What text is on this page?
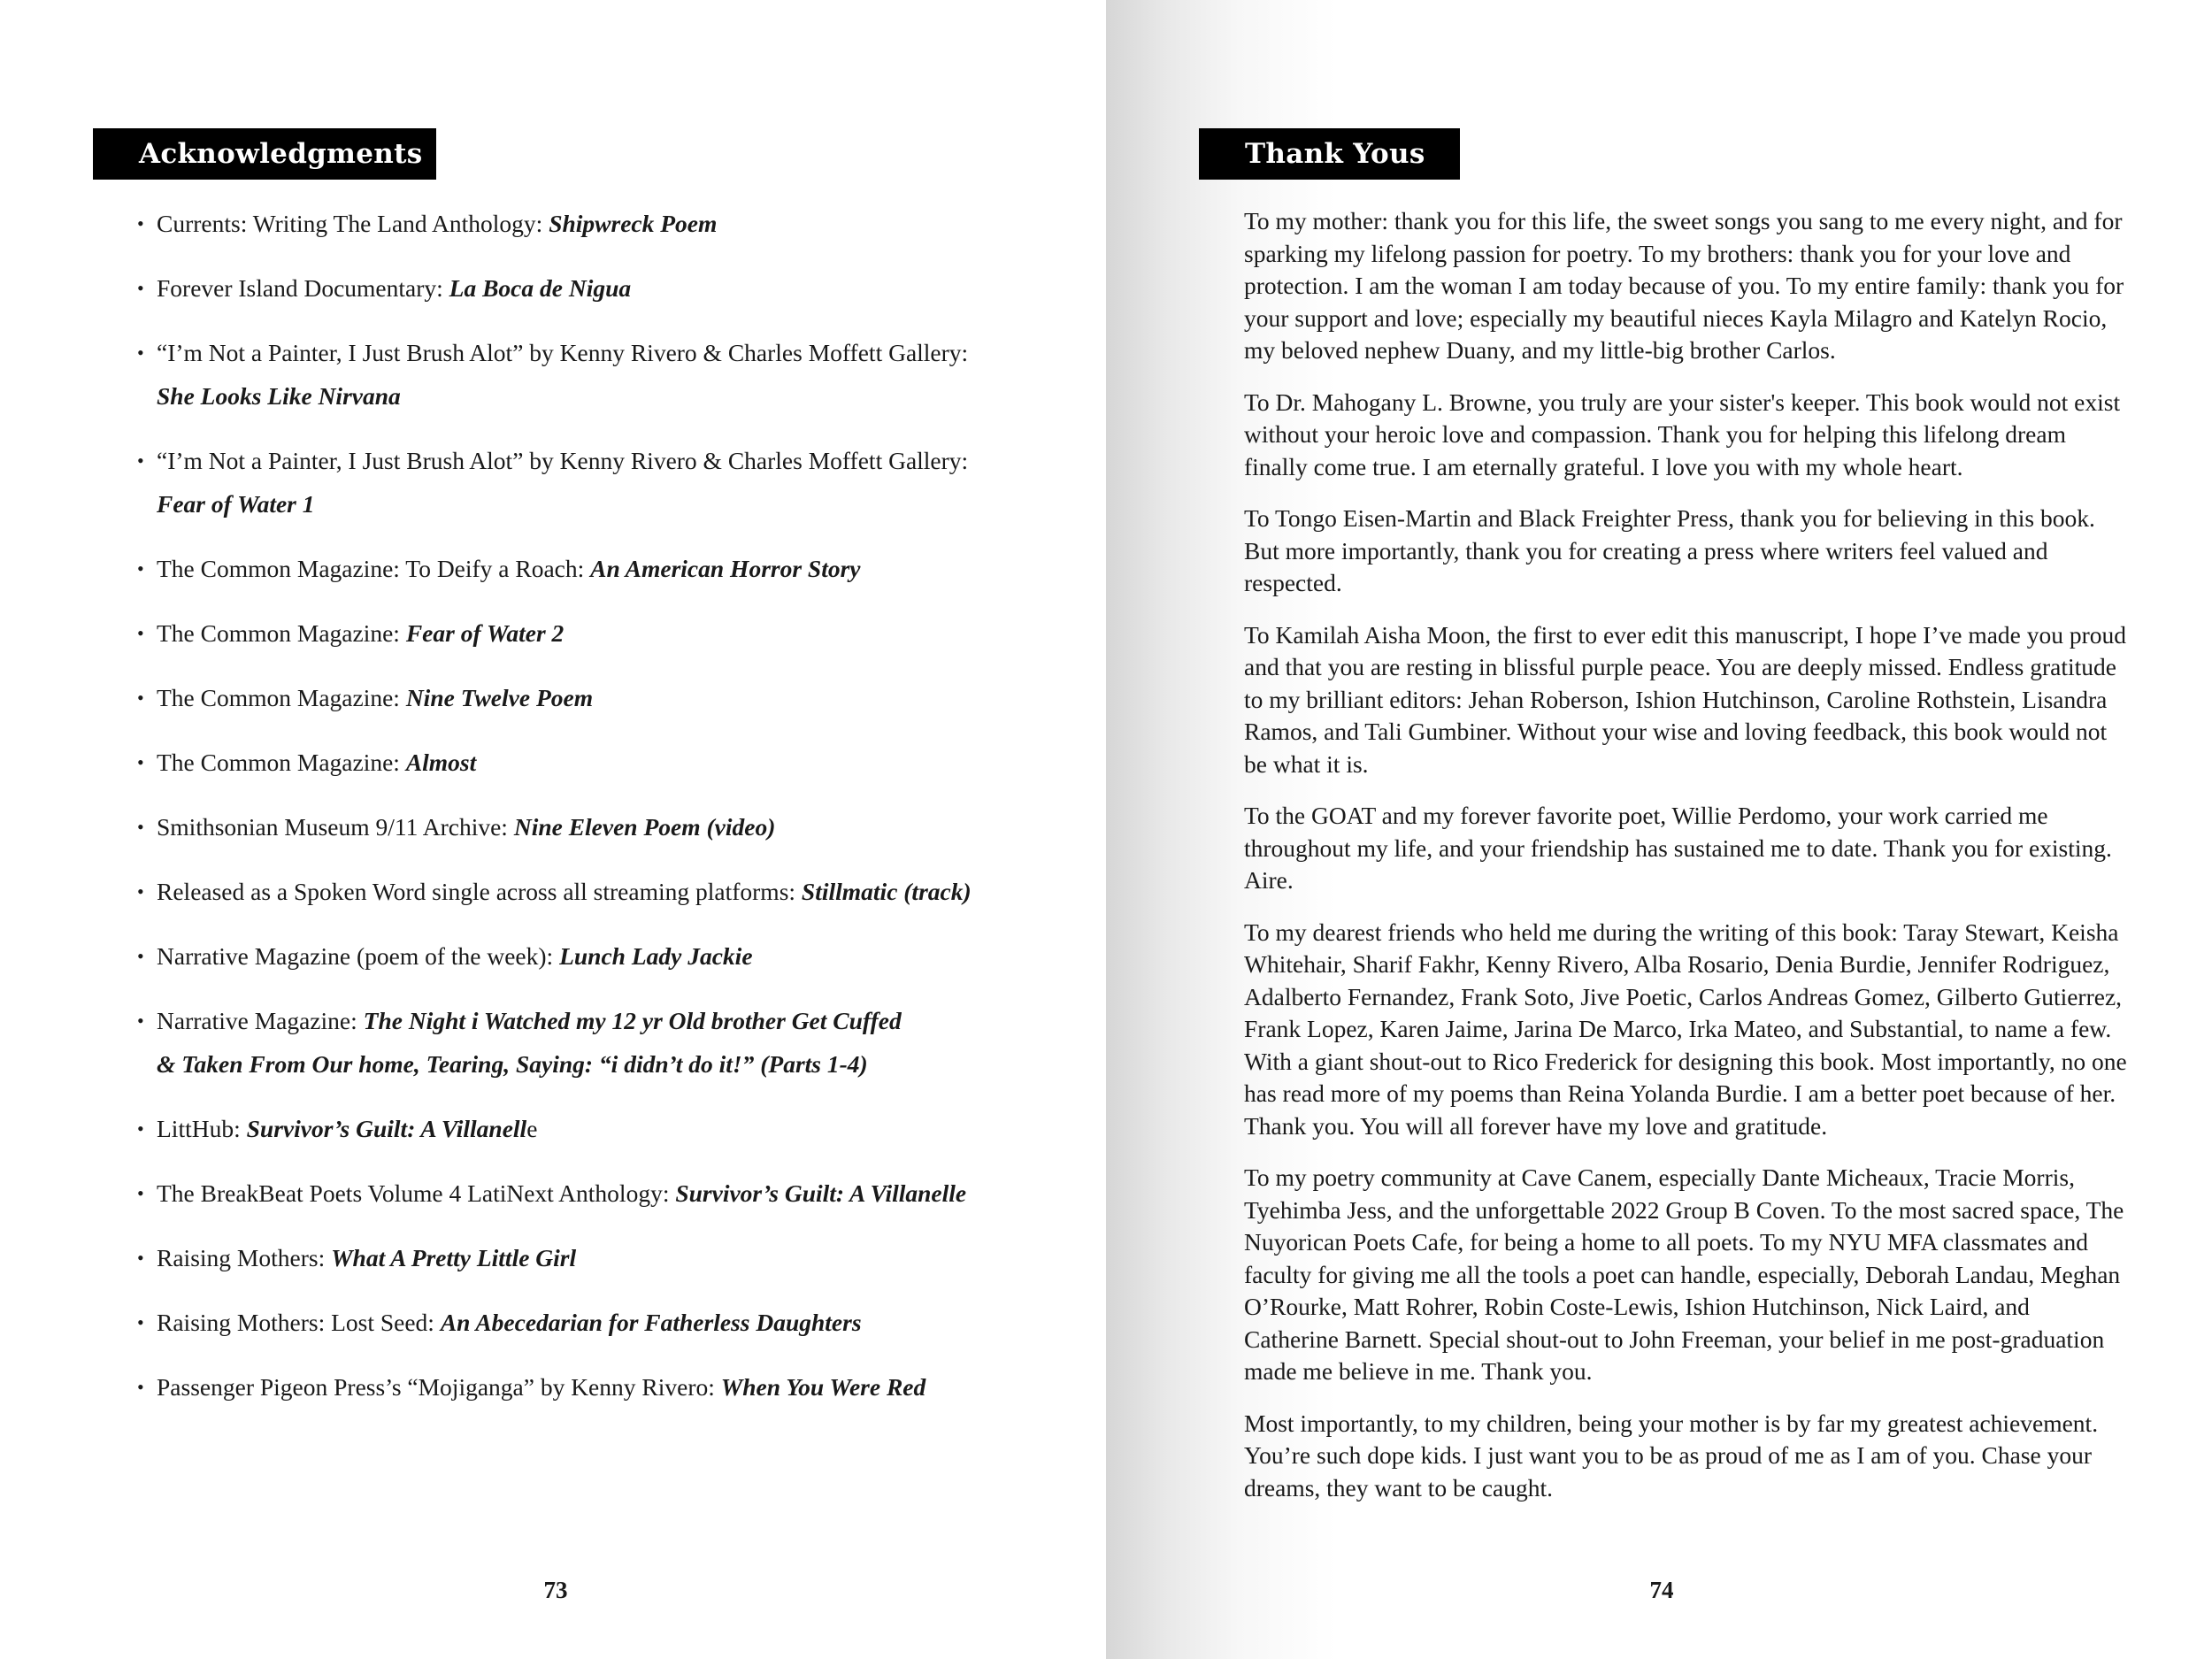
Acknowledgments
• Currents: Writing The Land Anthology: Shipwreck Poem
• Forever Island Documentary: La Boca de Nigua
• “I’m Not a Painter, I Just Brush Alot” by Kenny Rivero & Charles Moffett Gallery:
She Looks Like Nirvana
• “I’m Not a Painter, I Just Brush Alot” by Kenny Rivero & Charles Moffett Gallery:
Fear of Water 1
• The Common Magazine: To Deify a Roach: An American Horror Story
• The Common Magazine: Fear of Water 2
• The Common Magazine: Nine Twelve Poem
• The Common Magazine: Almost
• Smithsonian Museum 9/11 Archive: Nine Eleven Poem (video)
• Released as a Spoken Word single across all streaming platforms: Stillmatic (track)
• Narrative Magazine (poem of the week): Lunch Lady Jackie
• Narrative Magazine: The Night i Watched my 12 yr Old brother Get Cuffed
& Taken From Our home, Tearing, Saying: “i didn’t do it!” (Parts 1-4)
• LittHub: Survivor’s Guilt: A Villanelle
• The BreakBeat Poets Volume 4 LatiNext Anthology: Survivor’s Guilt: A Villanelle
• Raising Mothers: What A Pretty Little Girl
• Raising Mothers: Lost Seed: An Abecedarian for Fatherless Daughters
• Passenger Pigeon Press’s “Mojiganga” by Kenny Rivero: When You Were Red
73
Thank Yous

To my mother: thank you for this life, the sweet songs you sang to me every night, and for sparking my lifelong passion for poetry. To my brothers: thank you for your love and protection. I am the woman I am today because of you. To my entire family: thank you for your support and love; especially my beautiful nieces Kayla Milagro and Katelyn Rocio, my beloved nephew Duany, and my little-big brother Carlos.

To Dr. Mahogany L. Browne, you truly are your sister's keeper. This book would not exist without your heroic love and compassion. Thank you for helping this lifelong dream finally come true. I am eternally grateful. I love you with my whole heart.

To Tongo Eisen-Martin and Black Freighter Press, thank you for believing in this book. But more importantly, thank you for creating a press where writers feel valued and respected.

To Kamilah Aisha Moon, the first to ever edit this manuscript, I hope I’ve made you proud and that you are resting in blissful purple peace. You are deeply missed. Endless gratitude to my brilliant editors: Jehan Roberson, Ishion Hutchinson, Caroline Rothstein, Lisandra Ramos, and Tali Gumbiner. Without your wise and loving feedback, this book would not be what it is.

To the GOAT and my forever favorite poet, Willie Perdomo, your work carried me throughout my life, and your friendship has sustained me to date. Thank you for existing. Aire.

To my dearest friends who held me during the writing of this book: Taray Stewart, Keisha Whitehair, Sharif Fakhr, Kenny Rivero, Alba Rosario, Denia Burdie, Jennifer Rodriguez, Adalberto Fernandez, Frank Soto, Jive Poetic, Carlos Andreas Gomez, Gilberto Gutierrez, Frank Lopez, Karen Jaime, Jarina De Marco, Irka Mateo, and Substantial, to name a few. With a giant shout-out to Rico Frederick for designing this book. Most importantly, no one has read more of my poems than Reina Yolanda Burdie. I am a better poet because of her. Thank you. You will all forever have my love and gratitude.

To my poetry community at Cave Canem, especially Dante Micheaux, Tracie Morris, Tyehimba Jess, and the unforgettable 2022 Group B Coven. To the most sacred space, The Nuyorican Poets Cafe, for being a home to all poets. To my NYU MFA classmates and faculty for giving me all the tools a poet can handle, especially, Deborah Landau, Meghan O’Rourke, Matt Rohrer, Robin Coste-Lewis, Ishion Hutchinson, Nick Laird, and Catherine Barnett. Special shout-out to John Freeman, your belief in me post-graduation made me believe in me. Thank you.

Most importantly, to my children, being your mother is by far my greatest achievement. You’re such dope kids. I just want you to be as proud of me as I am of you. Chase your dreams, they want to be caught.

74
